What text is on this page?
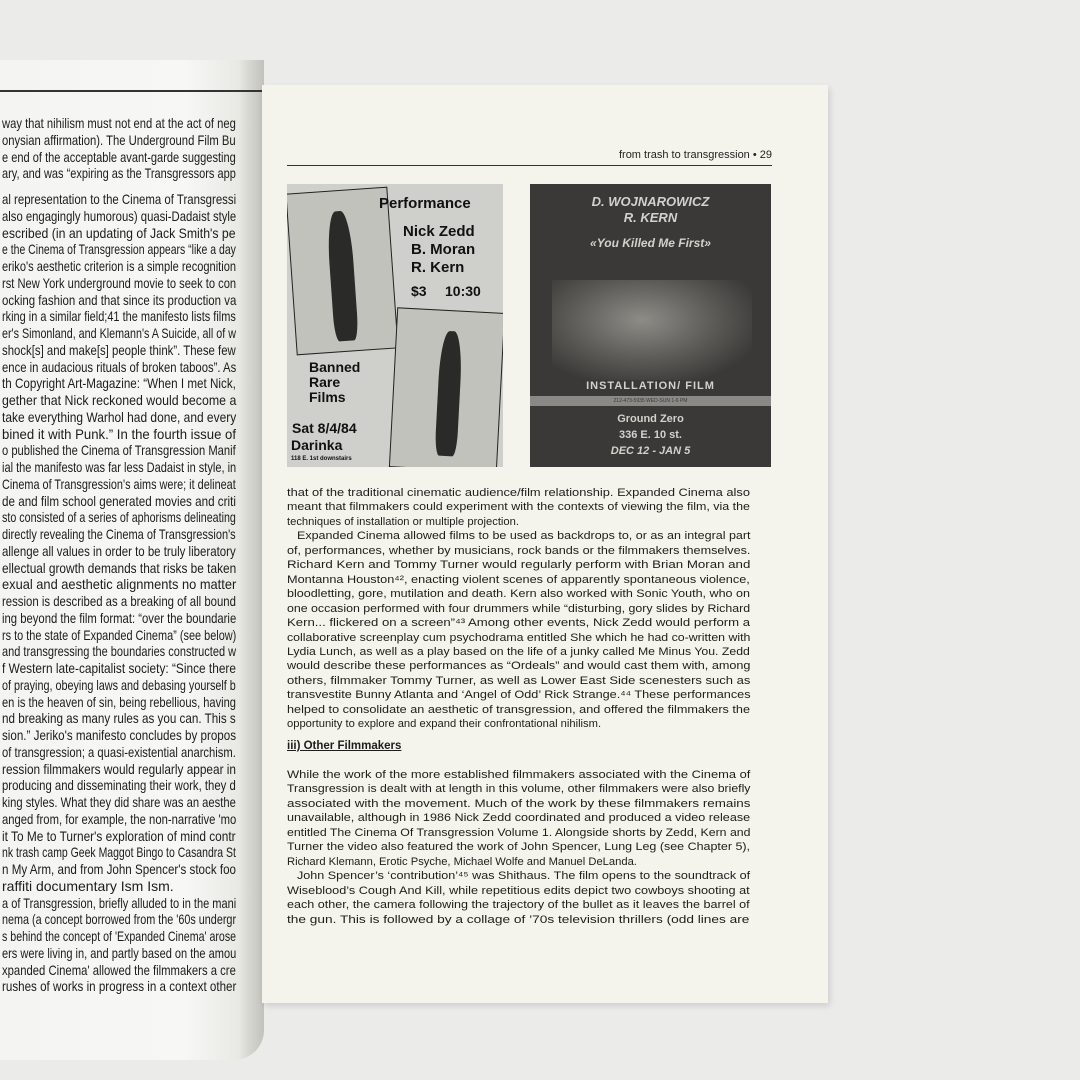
way that nihilism must not end at the act of neg
onysian affirmation). The Underground Film Bu
e end of the acceptable avant-garde suggesting
ary, and was “expiring as the Transgressors app
al representation to the Cinema of Transgressi
also engagingly humorous) quasi-Dadaist style
escribed (in an updating of Jack Smith's pe
e the Cinema of Transgression appears “like a day
eriko's aesthetic criterion is a simple recognition
rst New York underground movie to seek to con
ocking fashion and that since its production va
rking in a similar field;41 the manifesto lists films
er's Simonland, and Klemann's A Suicide, all of w
shock[s] and make[s] people think”. These few
ence in audacious rituals of broken taboos”. As
th Copyright Art-Magazine: “When I met Nick,
gether that Nick reckoned would become a
take everything Warhol had done, and every
bined it with Punk.” In the fourth issue of
o published the Cinema of Transgression Manif
ial the manifesto was far less Dadaist in style, in
Cinema of Transgression's aims were; it delineat
de and film school generated movies and criti
sto consisted of a series of aphorisms delineating
directly revealing the Cinema of Transgression's
allenge all values in order to be truly liberatory
ellectual growth demands that risks be taken
exual and aesthetic alignments no matter
ression is described as a breaking of all bound
ing beyond the film format: “over the boundarie
rs to the state of Expanded Cinema” (see below)
and transgressing the boundaries constructed w
f Western late-capitalist society: “Since there
of praying, obeying laws and debasing yourself b
en is the heaven of sin, being rebellious, having
nd breaking as many rules as you can. This s
sion.” Jeriko's manifesto concludes by propos
of transgression; a quasi-existential anarchism.
ression filmmakers would regularly appear in
producing and disseminating their work, they d
king styles. What they did share was an aesthe
anged from, for example, the non-narrative 'mo
it To Me to Turner's exploration of mind contr
nk trash camp Geek Maggot Bingo to Casandra St
n My Arm, and from John Spencer's stock foo
raffiti documentary Ism Ism.
a of Transgression, briefly alluded to in the mani
nema (a concept borrowed from the '60s undergr
s behind the concept of 'Expanded Cinema' arose
ers were living in, and partly based on the amou
xpanded Cinema' allowed the filmmakers a cre
rushes of works in progress in a context other
from trash to transgression • 29
Performance
Nick Zedd
B. Moran
R. Kern
$3 10:30
Banned
Rare
Films
Sat 8/4/84
Darinka
118 E. 1st downstairs
D. WOJNAROWICZ
R. KERN
«You Killed Me First»
INSTALLATION/ FILM
212-473-5935 WED-SUN 1-6 PM
Ground Zero
336 E. 10 st.
DEC 12 - JAN 5
that of the traditional cinematic audience/film relationship. Expanded Cinema also
meant that filmmakers could experiment with the contexts of viewing the film, via the
techniques of installation or multiple projection.
Expanded Cinema allowed films to be used as backdrops to, or as an integral part
of, performances, whether by musicians, rock bands or the filmmakers themselves.
Richard Kern and Tommy Turner would regularly perform with Brian Moran and
Montanna Houston⁴², enacting violent scenes of apparently spontaneous violence,
bloodletting, gore, mutilation and death. Kern also worked with Sonic Youth, who on
one occasion performed with four drummers while “disturbing, gory slides by Richard
Kern... flickered on a screen”⁴³ Among other events, Nick Zedd would perform a
collaborative screenplay cum psychodrama entitled She which he had co-written with
Lydia Lunch, as well as a play based on the life of a junky called Me Minus You. Zedd
would describe these performances as “Ordeals” and would cast them with, among
others, filmmaker Tommy Turner, as well as Lower East Side scenesters such as
transvestite Bunny Atlanta and ‘Angel of Odd’ Rick Strange.⁴⁴ These performances
helped to consolidate an aesthetic of transgression, and offered the filmmakers the
opportunity to explore and expand their confrontational nihilism.
iii) Other Filmmakers
While the work of the more established filmmakers associated with the Cinema of
Transgression is dealt with at length in this volume, other filmmakers were also briefly
associated with the movement. Much of the work by these filmmakers remains
unavailable, although in 1986 Nick Zedd coordinated and produced a video release
entitled The Cinema Of Transgression Volume 1. Alongside shorts by Zedd, Kern and
Turner the video also featured the work of John Spencer, Lung Leg (see Chapter 5),
Richard Klemann, Erotic Psyche, Michael Wolfe and Manuel DeLanda.
John Spencer’s ‘contribution’⁴⁵ was Shithaus. The film opens to the soundtrack of
Wiseblood’s Cough And Kill, while repetitious edits depict two cowboys shooting at
each other, the camera following the trajectory of the bullet as it leaves the barrel of
the gun. This is followed by a collage of ’70s television thrillers (odd lines are
